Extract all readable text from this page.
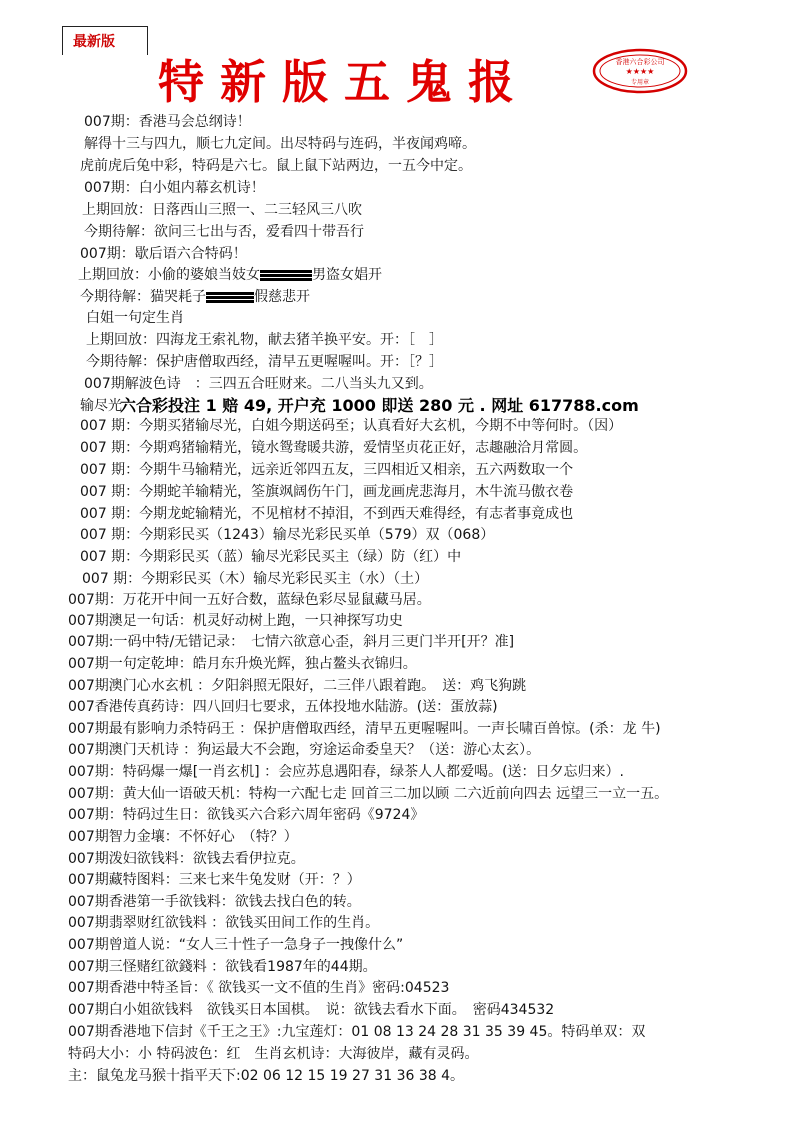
最新版
特新版五鬼报	香港六合彩公司
★★★★
专用章
007期：香港马会总纲诗！
解得十三与四九，顺七九定间。出尽特码与连码，半夜闻鸡啼。
虎前虎后兔中彩，特码是六七。鼠上鼠下站两边，一五今中定。
007期：白小姐内幕玄机诗！
上期回放：日落西山三照一、二三轻风三八吹
今期待解：欲问三七出与否，爱看四十带吾行
007期：歇后语六合特码！
上期回放：小偷的婆娘当妓女	男盗女娼开
今期待解：猫哭耗子	假慈悲开
白姐一句定生肖
上期回放：四海龙王索礼物，献去猪羊换平安。开：［　］
今期待解：保护唐僧取西经，清早五更喔喔叫。开：［？］
007期解波色诗　：三四五合旺财来。二八当头九又到。
输尽光
六合彩投注 1 赔 49, 开户充 1000 即送 280 元 . 网址 617788.com
007 期：今期买猪输尽光，白姐今期送码至；认真看好大玄机，今期不中等何时。（因）
007 期：今期鸡猪输精光，镜水鸳鸯暖共游，爱情坚贞花正好，志趣融洽月常圆。
007 期：今期牛马输精光，远亲近邻四五友，三四相近又相亲，五六两数取一个
007 期：今期蛇羊输精光，筌旗飒阔伤午门，画龙画虎悲海月，木牛流马傲衣卷
007 期：今期龙蛇输精光，不见棺材不掉泪，不到西天难得经，有志者事竟成也
007 期：今期彩民买（1243）输尽光彩民买单（579）双（068）
007 期：今期彩民买（蓝）输尽光彩民买主（绿）防（红）中
007 期：今期彩民买（木）输尽光彩民买主（水）（土）
007期：万花开中间一五好合数，蓝绿色彩尽显鼠藏马居。
007期澳足一句话：机灵好动树上跑，一只神探写功史
007期:一码中特/无错记录：　七情六欲意心歪，斜月三更门半开[开？准]
007期一句定乾坤：皓月东升焕光辉，独占鳌头衣锦归。
007期澳门心水玄机 ：夕阳斜照无限好，二三伴八跟着跑。　送：鸡飞狗跳
007香港传真药诗：四八回归七要求，五体投地水陆游。(送：蛋放蒜)
007期最有影响力杀特码王 ：保护唐僧取西经，清早五更喔喔叫。一声长啸百兽惊。(杀：龙 牛)
007期澳门天机诗 ：狗运最大不会跑，穷途运命委皇天？（送：游心太玄）。
007期：特码爆一爆[一肖玄机] ：会应苏息遇阳春，绿茶人人都爱喝。(送：日夕忘归来）.
007期：黄大仙一语破天机：特构一六配七走 回首三二加以顾 二六近前向四去 远望三一立一五。
007期：特码过生日：欲钱买六合彩六周年密码《9724》
007期智力金壤：不怀好心　（特？）
007期泼妇欲钱料：欲钱去看伊拉克。
007期藏特图料：三来七来牛兔发财（开：？）
007期香港第一手欲钱料：欲钱去找白色的转。
007期翡翠财红欲钱料 ：欲钱买田间工作的生肖。
007期曾道人说：“女人三十性子一急身子一拽像什么”
007期三怪赌红欲錢料 ：欲钱看1987年的44期。
007期香港中特圣旨：《 欲钱买一文不值的生肖》密码:04523
007期白小姐欲钱料　欲钱买日本国棋。　说：欲钱去看水下面。　密码434532
007期香港地下信封《千王之王》:九宝莲灯：01 08 13 24 28 31 35 39 45。特码单双：双
特码大小：小 特码波色：红　生肖玄机诗：大海彼岸，藏有灵码。
主：鼠兔龙马猴十指平天下:02 06 12 15 19 27 31 36 38 4。
